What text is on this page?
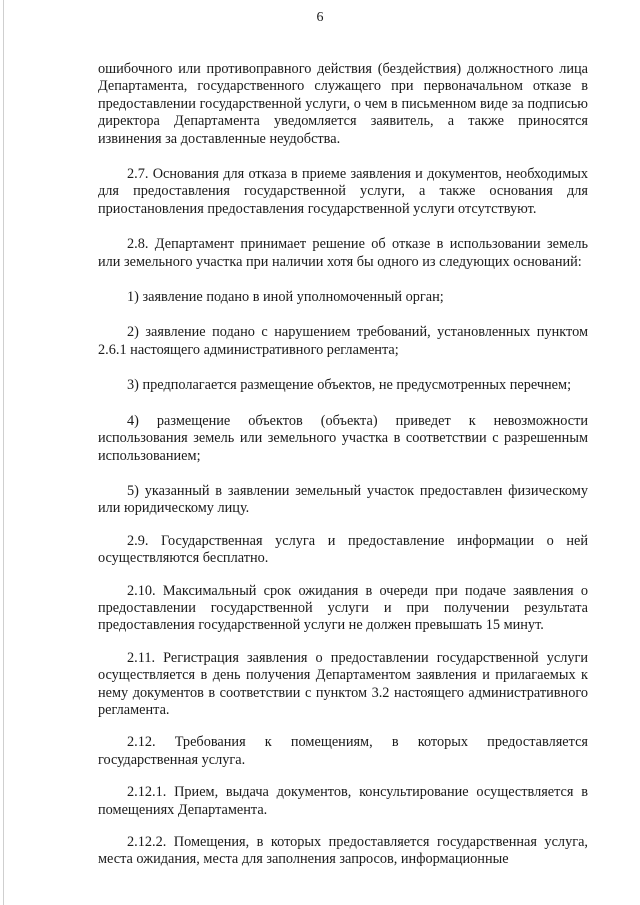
6

ошибочного или противоправного действия (бездействия) должностного лица Департамента, государственного служащего при первоначальном отказе в предоставлении государственной услуги, о чем в письменном виде за подписью директора Департамента уведомляется заявитель, а также приносятся извинения за доставленные неудобства.

2.7. Основания для отказа в приеме заявления и документов, необходимых для предоставления государственной услуги, а также основания для приостановления предоставления государственной услуги отсутствуют.

2.8. Департамент принимает решение об отказе в использовании земель или земельного участка при наличии хотя бы одного из следующих оснований:

1) заявление подано в иной уполномоченный орган;

2) заявление подано с нарушением требований, установленных пунктом 2.6.1 настоящего административного регламента;

3) предполагается размещение объектов, не предусмотренных перечнем;

4) размещение объектов (объекта) приведет к невозможности использования земель или земельного участка в соответствии с разрешенным использованием;

5) указанный в заявлении земельный участок предоставлен физическому или юридическому лицу.

2.9. Государственная услуга и предоставление информации о ней осуществляются бесплатно.

2.10. Максимальный срок ожидания в очереди при подаче заявления о предоставлении государственной услуги и при получении результата предоставления государственной услуги не должен превышать 15 минут.

2.11. Регистрация заявления о предоставлении государственной услуги осуществляется в день получения Департаментом заявления и прилагаемых к нему документов в соответствии с пунктом 3.2 настоящего административного регламента.

2.12. Требования к помещениям, в которых предоставляется государственная услуга.

2.12.1. Прием, выдача документов, консультирование осуществляется в помещениях Департамента.

2.12.2. Помещения, в которых предоставляется государственная услуга, места ожидания, места для заполнения запросов, информационные
